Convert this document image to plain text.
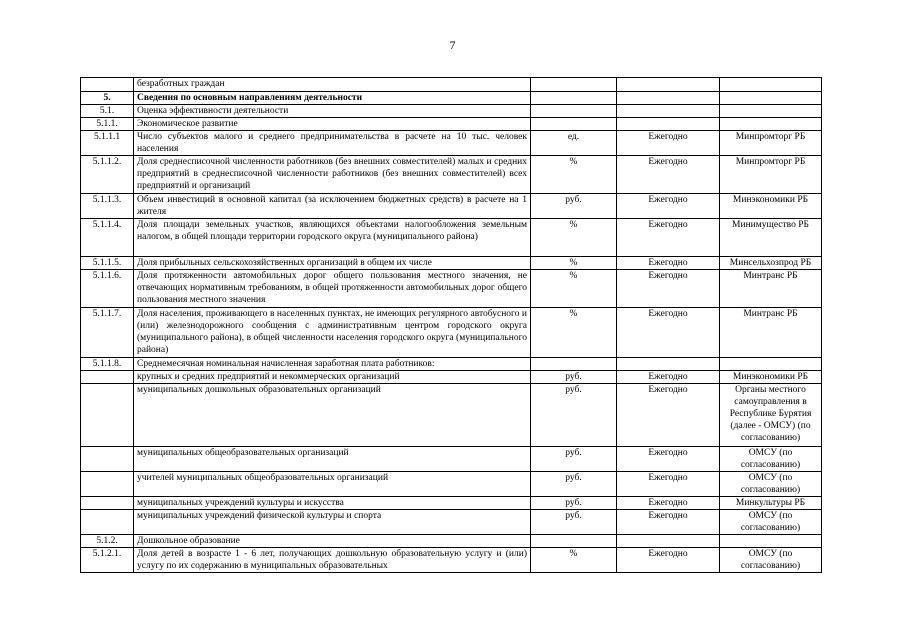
7
	безработных граждан			
5.	Сведения по основным направлениям деятельности			
5.1.	Оценка эффективности деятельности			
5.1.1.	Экономическое развитие			
5.1.1.1	Число субъектов малого и среднего предпринимательства в расчете на 10 тыс. человек населения	ед.	Ежегодно	Минпромторг РБ
5.1.1.2.	Доля среднесписочной численности работников (без внешних совместителей) малых и средних предприятий в среднесписочной численности работников (без внешних совместителей) всех предприятий и организаций	%	Ежегодно	Минпромторг РБ
5.1.1.3.	Объем инвестиций в основной капитал (за исключением бюджетных средств) в расчете на 1 жителя	руб.	Ежегодно	Минэкономики РБ
5.1.1.4.	Доля площади земельных участков, являющихся объектами налогообложения земельным налогом, в общей площади территории городского округа (муниципального района)	%	Ежегодно	Минимущество РБ
5.1.1.5.	Доля прибыльных сельскохозяйственных организаций в общем их числе	%	Ежегодно	Минсельхозпрод РБ
5.1.1.6.	Доля протяженности автомобильных дорог общего пользования местного значения, не отвечающих нормативным требованиям, в общей протяженности автомобильных дорог общего пользования местного значения	%	Ежегодно	Минтранс РБ
5.1.1.7.	Доля населения, проживающего в населенных пунктах, не имеющих регулярного автобусного и (или) железнодорожного сообщения с административным центром городского округа (муниципального района), в общей численности населения городского округа (муниципального района)	%	Ежегодно	Минтранс РБ
5.1.1.8.	Среднемесячная номинальная начисленная заработная плата работников:			
	крупных и средних предприятий и некоммерческих организаций	руб.	Ежегодно	Минэкономики РБ
	муниципальных дошкольных образовательных организаций	руб.	Ежегодно	Органы местного самоуправления в Республике Бурятия (далее - ОМСУ) (по согласованию)
	муниципальных общеобразовательных организаций	руб.	Ежегодно	ОМСУ (по согласованию)
	учителей муниципальных общеобразовательных организаций	руб.	Ежегодно	ОМСУ (по согласованию)
	муниципальных учреждений культуры и искусства	руб.	Ежегодно	Минкультуры РБ
	муниципальных учреждений физической культуры и спорта	руб.	Ежегодно	ОМСУ (по согласованию)
5.1.2.	Дошкольное образование			
5.1.2.1.	Доля детей в возрасте 1 - 6 лет, получающих дошкольную образовательную услугу и (или) услугу по их содержанию в муниципальных образовательных	%	Ежегодно	ОМСУ (по согласованию)
